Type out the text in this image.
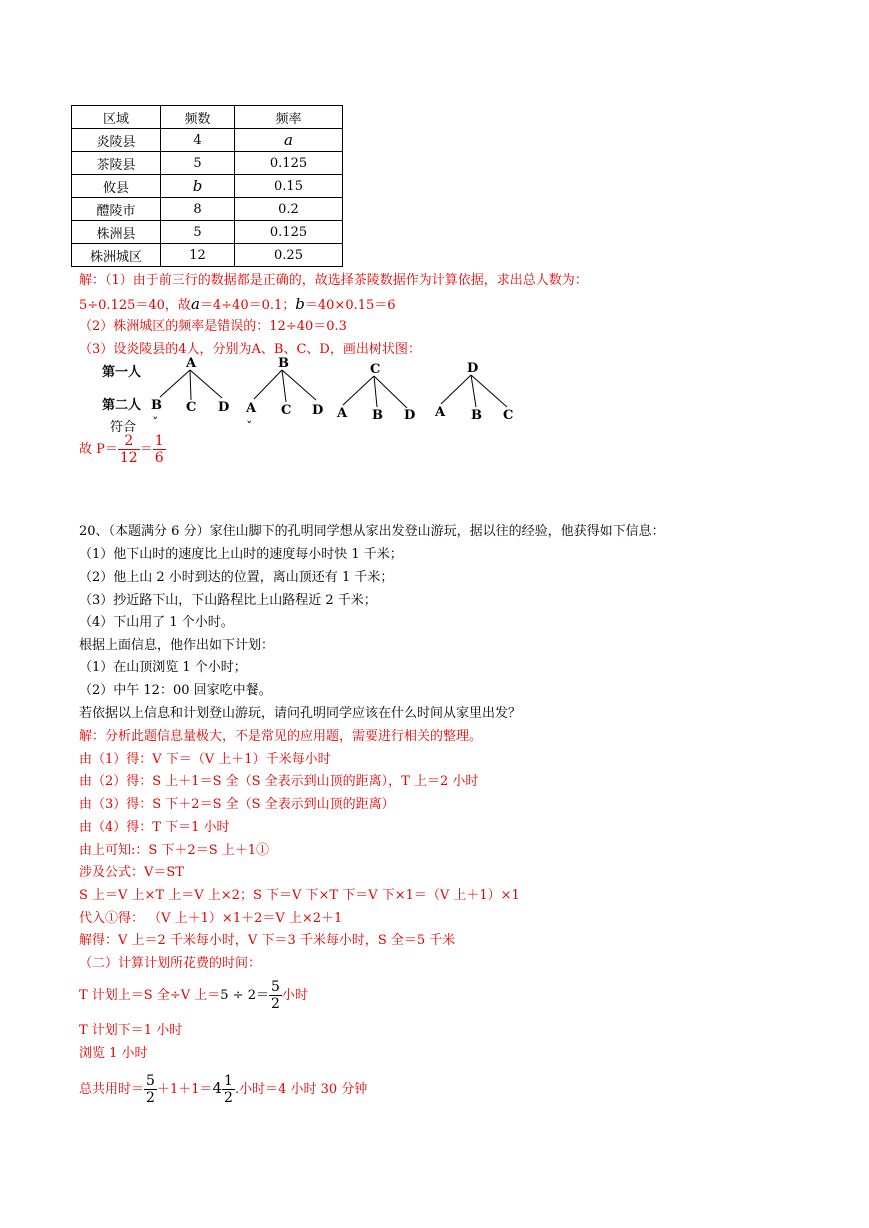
区域	频数	频率
炎陵县	4	a
茶陵县	5	0.125
攸县	b	0.15
醴陵市	8	0.2
株洲县	5	0.125
株洲城区	12	0.25
解：（1）由于前三行的数据都是正确的，故选择茶陵数据作为计算依据，求出总人数为：
5÷0.125＝40，故a＝4÷40＝0.1；b＝40×0.15＝6
（2）株洲城区的频率是错误的：12÷40＝0.3
（3）设炎陵县的4人，分别为A、B、C、D，画出树状图：
第一人
第二人
符合
A
B C D
ˇ
B
A C D
ˇ
C
A B D
D
A B C
故 $P= \frac{2}{12} = \frac{1}{6}$
20、（本题满分 6 分）家住山脚下的孔明同学想从家出发登山游玩，据以往的经验，他获得如下信息：
（1）他下山时的速度比上山时的速度每小时快 1 千米；
（2）他上山 2 小时到达的位置，离山顶还有 1 千米；
（3）抄近路下山，下山路程比上山路程近 2 千米；
（4）下山用了 1 个小时。
根据上面信息，他作出如下计划：
（1）在山顶浏览 1 个小时；
（2）中午 12：00 回家吃中餐。
若依据以上信息和计划登山游玩，请问孔明同学应该在什么时间从家里出发？
解：分析此题信息量极大，不是常见的应用题，需要进行相关的整理。
由（1）得：V 下＝（V 上＋1）千米每小时
由（2）得：S 上＋1＝S 全（S 全表示到山顶的距离），T 上＝2 小时
由（3）得：S 下＋2＝S 全（S 全表示到山顶的距离）
由（4）得：T 下＝1 小时
由上可知:：S 下＋2＝S 上＋1①
涉及公式：V＝ST
S 上＝V 上×T 上＝V 上×2；S 下＝V 下×T 下＝V 下×1＝（V 上＋1）×1
代入①得： （V 上＋1）×1＋2＝V 上×2＋1
解得：V 上＝2 千米每小时，V 下＝3 千米每小时，S 全＝5 千米
（二）计算计划所花费的时间：
T 计划上＝S 全÷V 上$=5 \div 2= \frac{5}{2}$ 小时
T 计划下＝1 小时
浏览 1 小时
总共用时＝ $\frac{5}{2} +1+1=4 \frac{1}{2}$ .小时＝4 小时 30 分钟
